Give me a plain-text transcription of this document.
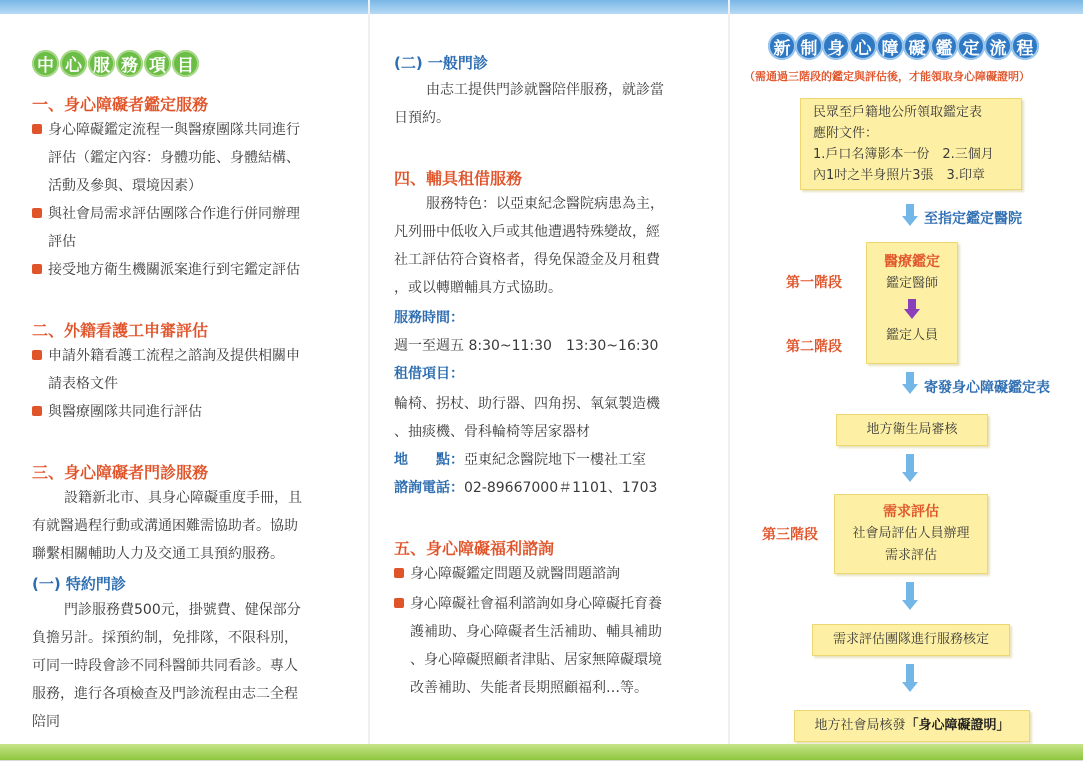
中 心 服 務 項 目
一、身心障礙者鑑定服務
身心障礙鑑定流程一與醫療團隊共同進行
評估（鑑定內容：身體功能、身體結構、
活動及參與、環境因素）
與社會局需求評估團隊合作進行併同辦理
評估
接受地方衛生機關派案進行到宅鑑定評估
二、外籍看護工申審評估
申請外籍看護工流程之諮詢及提供相關申
請表格文件
與醫療團隊共同進行評估
三、身心障礙者門診服務
設籍新北市、具身心障礙重度手冊，且
有就醫過程行動或溝通困難需協助者。協助
聯繫相關輔助人力及交通工具預約服務。
(一) 特約門診
門診服務費500元，掛號費、健保部分
負擔另計。採預約制，免排隊，不限科別，
可同一時段會診不同科醫師共同看診。專人
服務，進行各項檢查及門診流程由志二全程
陪同
(二) 一般門診
由志工提供門診就醫陪伴服務，就診當
日預約。
四、輔具租借服務
服務特色：以亞東紀念醫院病患為主，
凡列冊中低收入戶或其他遭遇特殊變故，經
社工評估符合資格者，得免保證金及月租費
，或以轉贈輔具方式協助。
服務時間：
週一至週五 8:30~11:30　13:30~16:30
租借項目：
輪椅、拐杖、助行器、四角拐、氧氣製造機
、抽痰機、骨科輪椅等居家器材
地　　點：亞東紀念醫院地下一樓社工室
諮詢電話：02-89667000＃1101、1703
五、身心障礙福利諮詢
身心障礙鑑定問題及就醫問題諮詢
身心障礙社會福利諮詢如身心障礙托育養
護補助、身心障礙者生活補助、輔具補助
、身心障礙照顧者津貼、居家無障礙環境
改善補助、失能者長期照顧福利…等。
新 制 身 心 障 礙 鑑 定 流 程
（需通過三階段的鑑定與評估後，才能領取身心障礙證明）
民眾至戶籍地公所領取鑑定表
應附文件：
1.戶口名簿影本一份　2.三個月
內1吋之半身照片3張　3.印章
至指定鑑定醫院
第一階段
第二階段
醫療鑑定
鑑定醫師
鑑定人員
寄發身心障礙鑑定表
地方衛生局審核
第三階段
需求評估
社會局評估人員辦理
需求評估
需求評估團隊進行服務核定
地方社會局核發「身心障礙證明」
